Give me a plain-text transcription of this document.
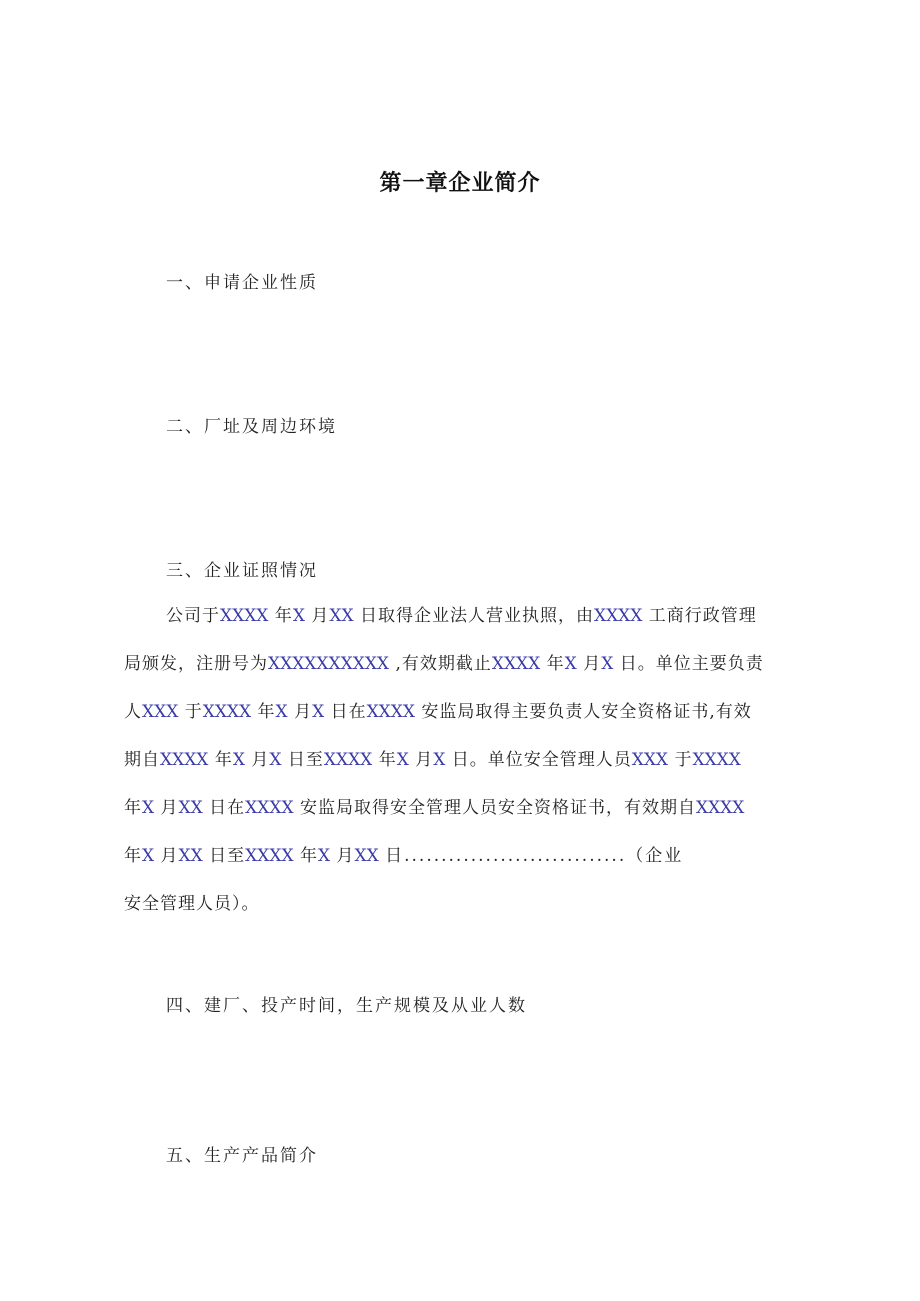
第一章企业简介
一、申请企业性质
二、厂址及周边环境
三、企业证照情况
公司于XXXX 年X 月XX 日取得企业法人营业执照，由XXXX 工商行政管理
局颁发，注册号为XXXXXXXXXX ,有效期截止XXXX 年X 月X 日。单位主要负责
人XXX 于XXXX 年X 月X 日在XXXX 安监局取得主要负责人安全资格证书,有效
期自XXXX 年X 月X 日至XXXX 年X 月X 日。单位安全管理人员XXX 于XXXX
年X 月XX 日在XXXX 安监局取得安全管理人员安全资格证书，有效期自XXXX
年X 月XX 日至XXXX 年X 月XX 日..............................（企业
安全管理人员）。
四、建厂、投产时间，生产规模及从业人数
五、生产产品简介
